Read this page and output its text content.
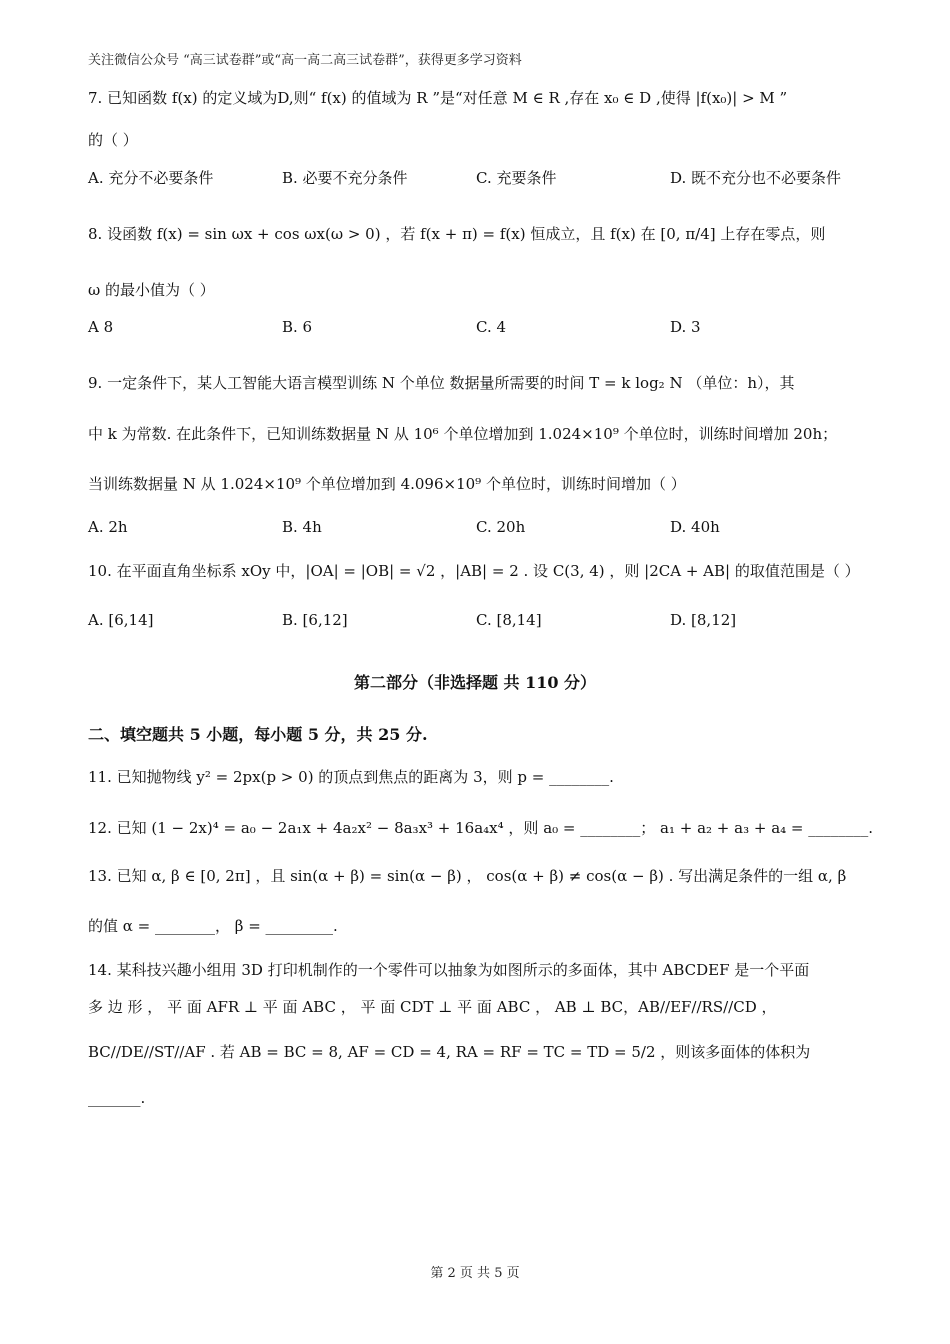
关注微信公众号 “高三试卷群”或“高一高二高三试卷群”，获得更多学习资料
7. 已知函数 f(x) 的定义域为D,则“ f(x) 的值域为 R ”是“对任意 M ∈ R ,存在 x₀ ∈ D ,使得 |f(x₀)| > M ”
的（ ）
A. 充分不必要条件	B. 必要不充分条件	C. 充要条件	D. 既不充分也不必要条件
8. 设函数 f(x) = sin ωx + cos ωx(ω > 0) ，若 f(x + π) = f(x) 恒成立，且 f(x) 在 [0, π/4] 上存在零点，则
ω 的最小值为（ ）
A 8	B. 6	C. 4	D. 3
9. 一定条件下，某人工智能大语言模型训练 N 个单位 数据量所需要的时间 T = k log₂ N （单位：h），其
中 k 为常数. 在此条件下，已知训练数据量 N 从 10⁶ 个单位增加到 1.024×10⁹ 个单位时，训练时间增加 20h；
当训练数据量 N 从 1.024×10⁹ 个单位增加到 4.096×10⁹ 个单位时，训练时间增加（ ）
A. 2h	B. 4h	C. 20h	D. 40h
10. 在平面直角坐标系 xOy 中，|OA| = |OB| = √2 ，|AB| = 2 . 设 C(3, 4) ，则 |2CA + AB| 的取值范围是（ ）
A. [6,14]	B. [6,12]	C. [8,14]	D. [8,12]
第二部分（非选择题 共 110 分）
二、填空题共 5 小题，每小题 5 分，共 25 分.
11. 已知抛物线 y² = 2px(p > 0) 的顶点到焦点的距离为 3，则 p = ________.
12. 已知 (1 − 2x)⁴ = a₀ − 2a₁x + 4a₂x² − 8a₃x³ + 16a₄x⁴ ，则 a₀ = ________； a₁ + a₂ + a₃ + a₄ = ________.
13. 已知 α, β ∈ [0, 2π] ，且 sin(α + β) = sin(α − β) ， cos(α + β) ≠ cos(α − β) . 写出满足条件的一组 α, β
的值 α = ________， β = _________.
14. 某科技兴趣小组用 3D 打印机制作的一个零件可以抽象为如图所示的多面体，其中 ABCDEF 是一个平面
多 边 形 ， 平 面 AFR ⊥ 平 面 ABC ， 平 面 CDT ⊥ 平 面 ABC ， AB ⊥ BC，AB//EF//RS//CD ，
BC//DE//ST//AF . 若 AB = BC = 8, AF = CD = 4, RA = RF = TC = TD = 5/2 ，则该多面体的体积为
_______.
第 2 页 共 5 页
